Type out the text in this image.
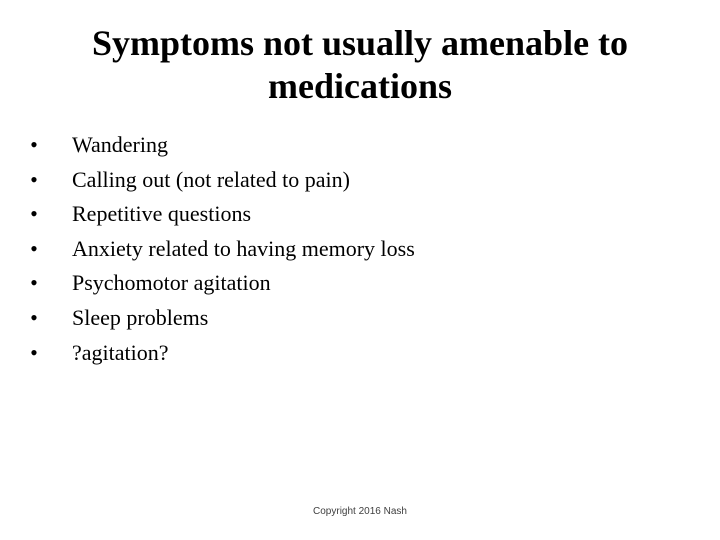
Symptoms not usually amenable to
medications
• Wandering
• Calling out (not related to pain)
• Repetitive questions
• Anxiety related to having memory loss
• Psychomotor agitation
• Sleep problems
• ?agitation?
Copyright 2016 Nash
